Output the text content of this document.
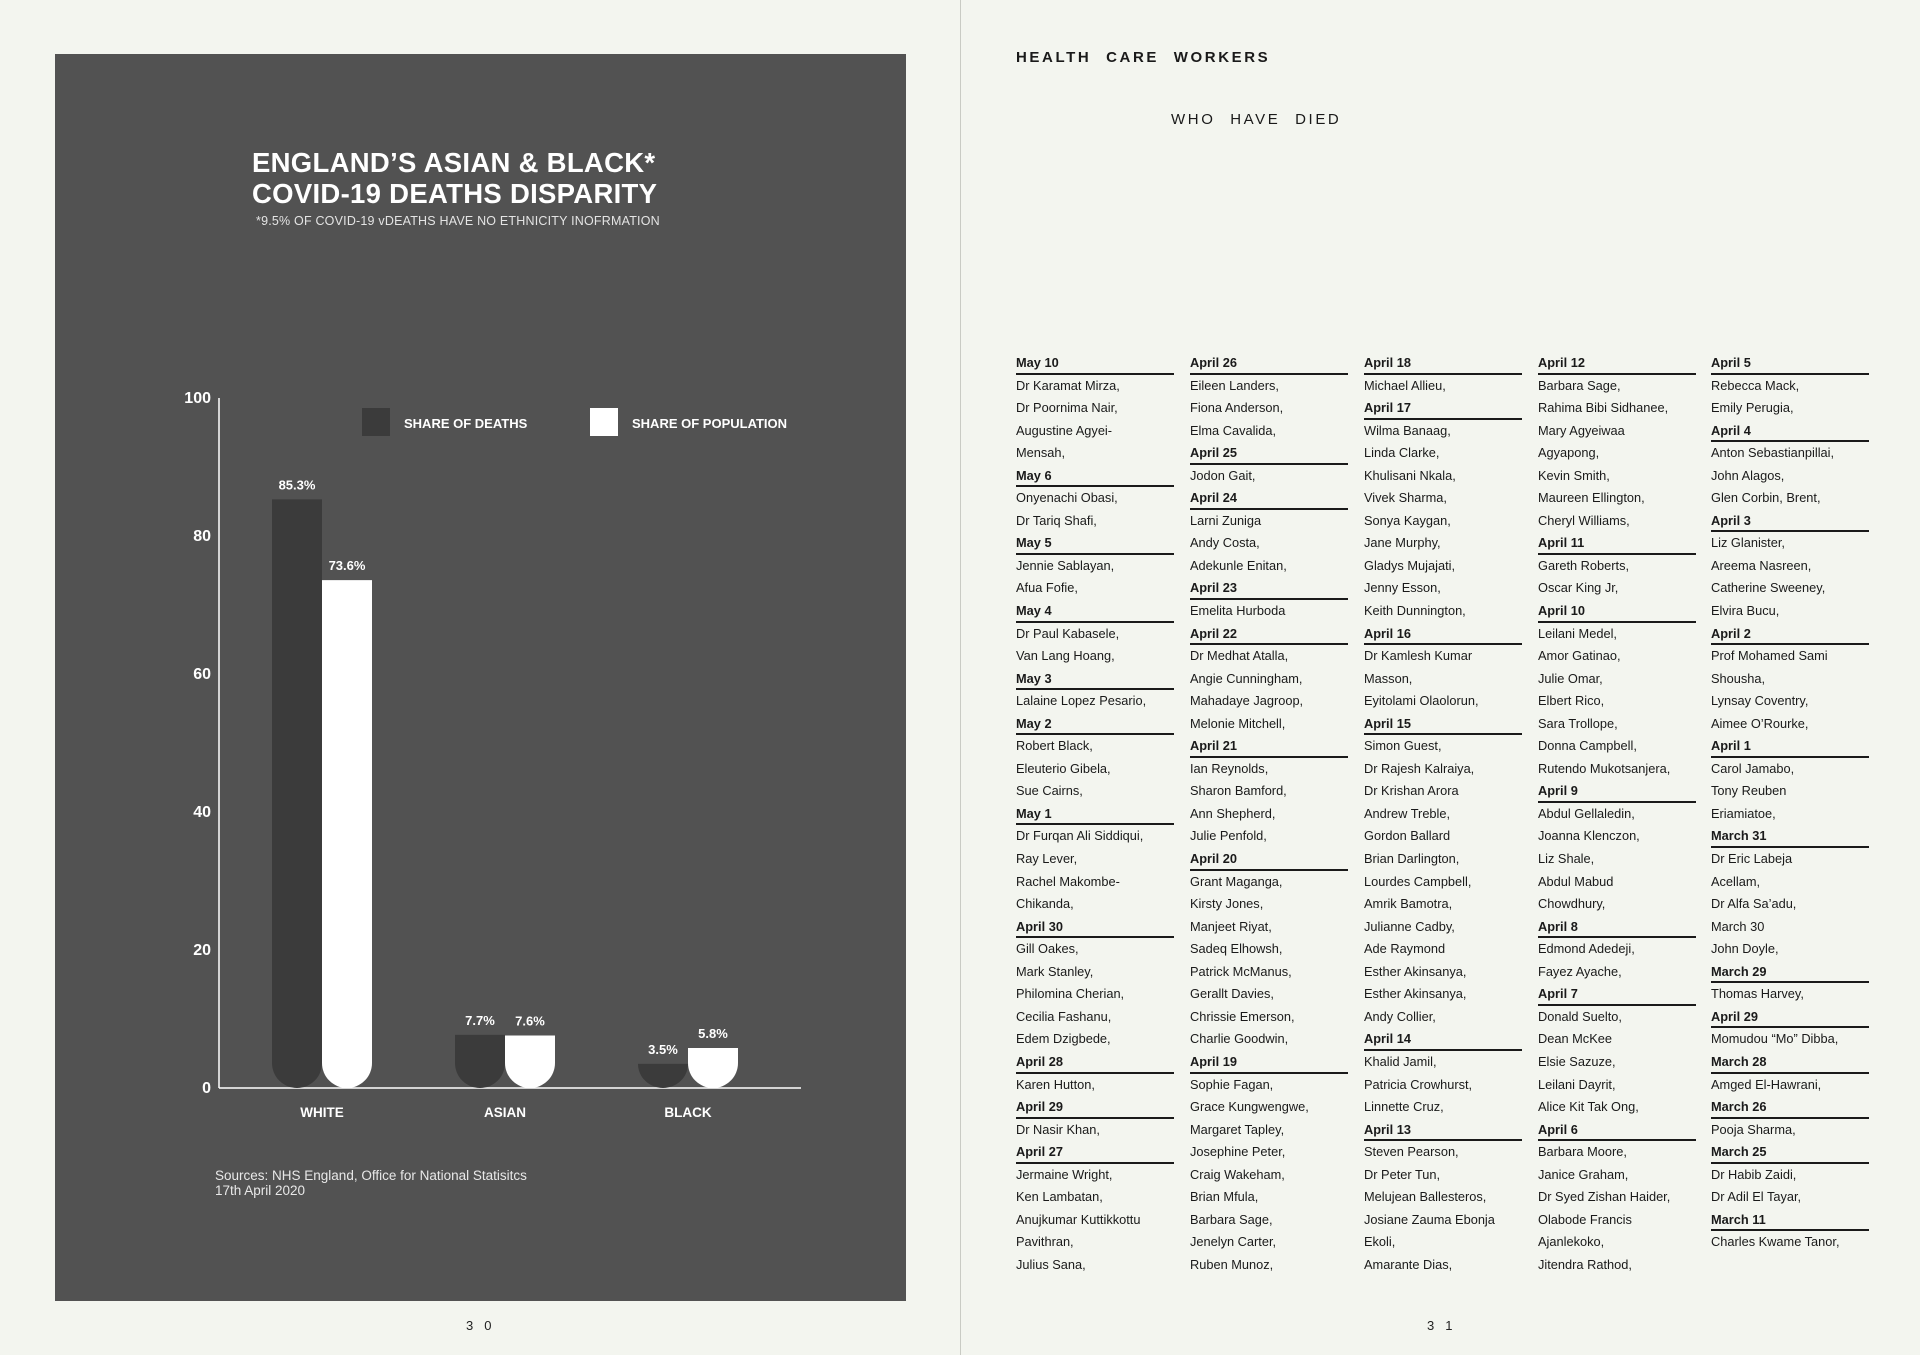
ENGLAND’S ASIAN & BLACK*
COVID-19 DEATHS DISPARITY
*9.5% OF COVID-19 vDEATHS HAVE NO ETHNICITY INOFRMATION
0
20
40
60
80
100
85.3%
73.6%
WHITE
7.7% 7.6%
ASIAN
3.5%
5.8%
BLACK
SHARE OF DEATHS	SHARE OF POPULATION
Sources: NHS England, Office for National Statisitcs
17th April 2020
30
HEALTH CARE WORKERS
WHO HAVE DIED
May 10
Dr Karamat Mirza,
Dr Poornima Nair,
Augustine Agyei-
Mensah,
May 6
Onyenachi Obasi,
Dr Tariq Shafi,
May 5
Jennie Sablayan,
Afua Fofie,
May 4
Dr Paul Kabasele,
Van Lang Hoang,
May 3
Lalaine Lopez Pesario,
May 2
Robert Black,
Eleuterio Gibela,
Sue Cairns,
May 1
Dr Furqan Ali Siddiqui,
Ray Lever,
Rachel Makombe-
Chikanda,
April 30
Gill Oakes,
Mark Stanley,
Philomina Cherian,
Cecilia Fashanu,
Edem Dzigbede,
April 28
Karen Hutton,
April 29
Dr Nasir Khan,
April 27
Jermaine Wright,
Ken Lambatan,
Anujkumar Kuttikkottu
Pavithran,
Julius Sana,
April 26
Eileen Landers,
Fiona Anderson,
Elma Cavalida,
April 25
Jodon Gait,
April 24
Larni Zuniga
Andy Costa,
Adekunle Enitan,
April 23
Emelita Hurboda
April 22
Dr Medhat Atalla,
Angie Cunningham,
Mahadaye Jagroop,
Melonie Mitchell,
April 21
Ian Reynolds,
Sharon Bamford,
Ann Shepherd,
Julie Penfold,
April 20
Grant Maganga,
Kirsty Jones,
Manjeet Riyat,
Sadeq Elhowsh,
Patrick McManus,
Gerallt Davies,
Chrissie Emerson,
Charlie Goodwin,
April 19
Sophie Fagan,
Grace Kungwengwe,
Margaret Tapley,
Josephine Peter,
Craig Wakeham,
Brian Mfula,
Barbara Sage,
Jenelyn Carter,
Ruben Munoz,
April 18
Michael Allieu,
April 17
Wilma Banaag,
Linda Clarke,
Khulisani Nkala,
Vivek Sharma,
Sonya Kaygan,
Jane Murphy,
Gladys Mujajati,
Jenny Esson,
Keith Dunnington,
April 16
Dr Kamlesh Kumar
Masson,
Eyitolami Olaolorun,
April 15
Simon Guest,
Dr Rajesh Kalraiya,
Dr Krishan Arora
Andrew Treble,
Gordon Ballard
Brian Darlington,
Lourdes Campbell,
Amrik Bamotra,
Julianne Cadby,
Ade Raymond
Esther Akinsanya,
Esther Akinsanya,
Andy Collier,
April 14
Khalid Jamil,
Patricia Crowhurst,
Linnette Cruz,
April 13
Steven Pearson,
Dr Peter Tun,
Melujean Ballesteros,
Josiane Zauma Ebonja
Ekoli,
Amarante Dias,
April 12
Barbara Sage,
Rahima Bibi Sidhanee,
Mary Agyeiwaa
Agyapong,
Kevin Smith,
Maureen Ellington,
Cheryl Williams,
April 11
Gareth Roberts,
Oscar King Jr,
April 10
Leilani Medel,
Amor Gatinao,
Julie Omar,
Elbert Rico,
Sara Trollope,
Donna Campbell,
Rutendo Mukotsanjera,
April 9
Abdul Gellaledin,
Joanna Klenczon,
Liz Shale,
Abdul Mabud
Chowdhury,
April 8
Edmond Adedeji,
Fayez Ayache,
April 7
Donald Suelto,
Dean McKee
Elsie Sazuze,
Leilani Dayrit,
Alice Kit Tak Ong,
April 6
Barbara Moore,
Janice Graham,
Dr Syed Zishan Haider,
Olabode Francis
Ajanlekoko,
Jitendra Rathod,
April 5
Rebecca Mack,
Emily Perugia,
April 4
Anton Sebastianpillai,
John Alagos,
Glen Corbin, Brent,
April 3
Liz Glanister,
Areema Nasreen,
Catherine Sweeney,
Elvira Bucu,
April 2
Prof Mohamed Sami
Shousha,
Lynsay Coventry,
Aimee O’Rourke,
April 1
Carol Jamabo,
Tony Reuben
Eriamiatoe,
March 31
Dr Eric Labeja
Acellam,
Dr Alfa Sa’adu,
March 30
John Doyle,
March 29
Thomas Harvey,
April 29
Momudou “Mo” Dibba,
March 28
Amged El-Hawrani,
March 26
Pooja Sharma,
March 25
Dr Habib Zaidi,
Dr Adil El Tayar,
March 11
Charles Kwame Tanor,
31
